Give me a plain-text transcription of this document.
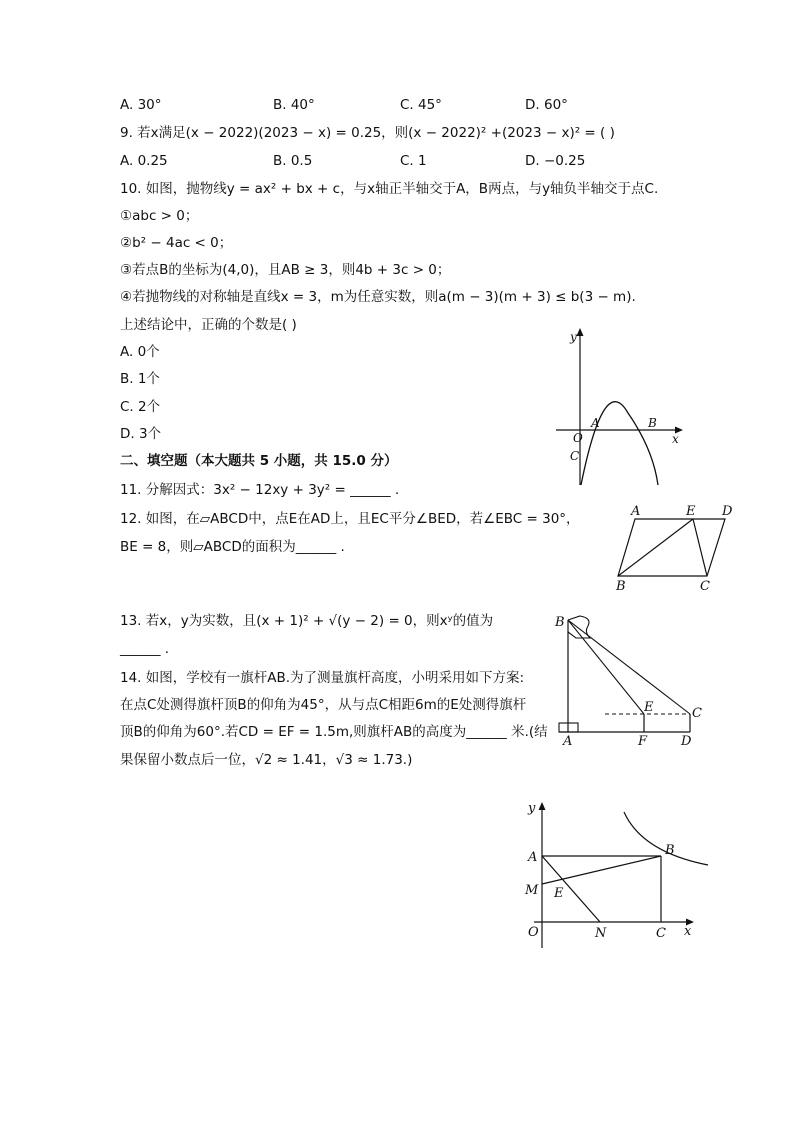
A. 30°	B. 40°	C. 45°	D. 60°
9. 若x满足(x − 2022)(2023 − x) = 0.25，则(x − 2022)² +(2023 − x)² = ( )
A. 0.25	B. 0.5	C. 1	D. −0.25
10. 如图，抛物线y = ax² + bx + c，与x轴正半轴交于A，B两点，与y轴负半轴交于点C.
①abc > 0；
②b² − 4ac < 0；
③若点B的坐标为(4,0)，且AB ≥ 3，则4b + 3c > 0；
④若抛物线的对称轴是直线x = 3，m为任意实数，则a(m − 3)(m + 3) ≤ b(3 − m).
上述结论中，正确的个数是( )
A. 0个
B. 1个
C. 2个
D. 3个
y
x
O
A	B
C
二、填空题（本大题共 5 小题，共 15.0 分）
11. 分解因式：3x² − 12xy + 3y² = ______ .
12. 如图，在▱ABCD中，点E在AD上，且EC平分∠BED，若∠EBC = 30°，
BE = 8，则▱ABCD的面积为______ .
A	E D
B	C
13. 若x，y为实数，且(x + 1)² + √(y − 2) = 0，则xʸ的值为
______ .
14. 如图，学校有一旗杆AB.为了测量旗杆高度，小明采用如下方案:
在点C处测得旗杆顶B的仰角为45°，从与点C相距6m的E处测得旗杆
顶B的仰角为60°.若CD = EF = 1.5m,则旗杆AB的高度为______ 米.(结
果保留小数点后一位，√2 ≈ 1.41，√3 ≈ 1.73.)
B
E	C
A	F	D
y
A	B
M E
O	N	C x
